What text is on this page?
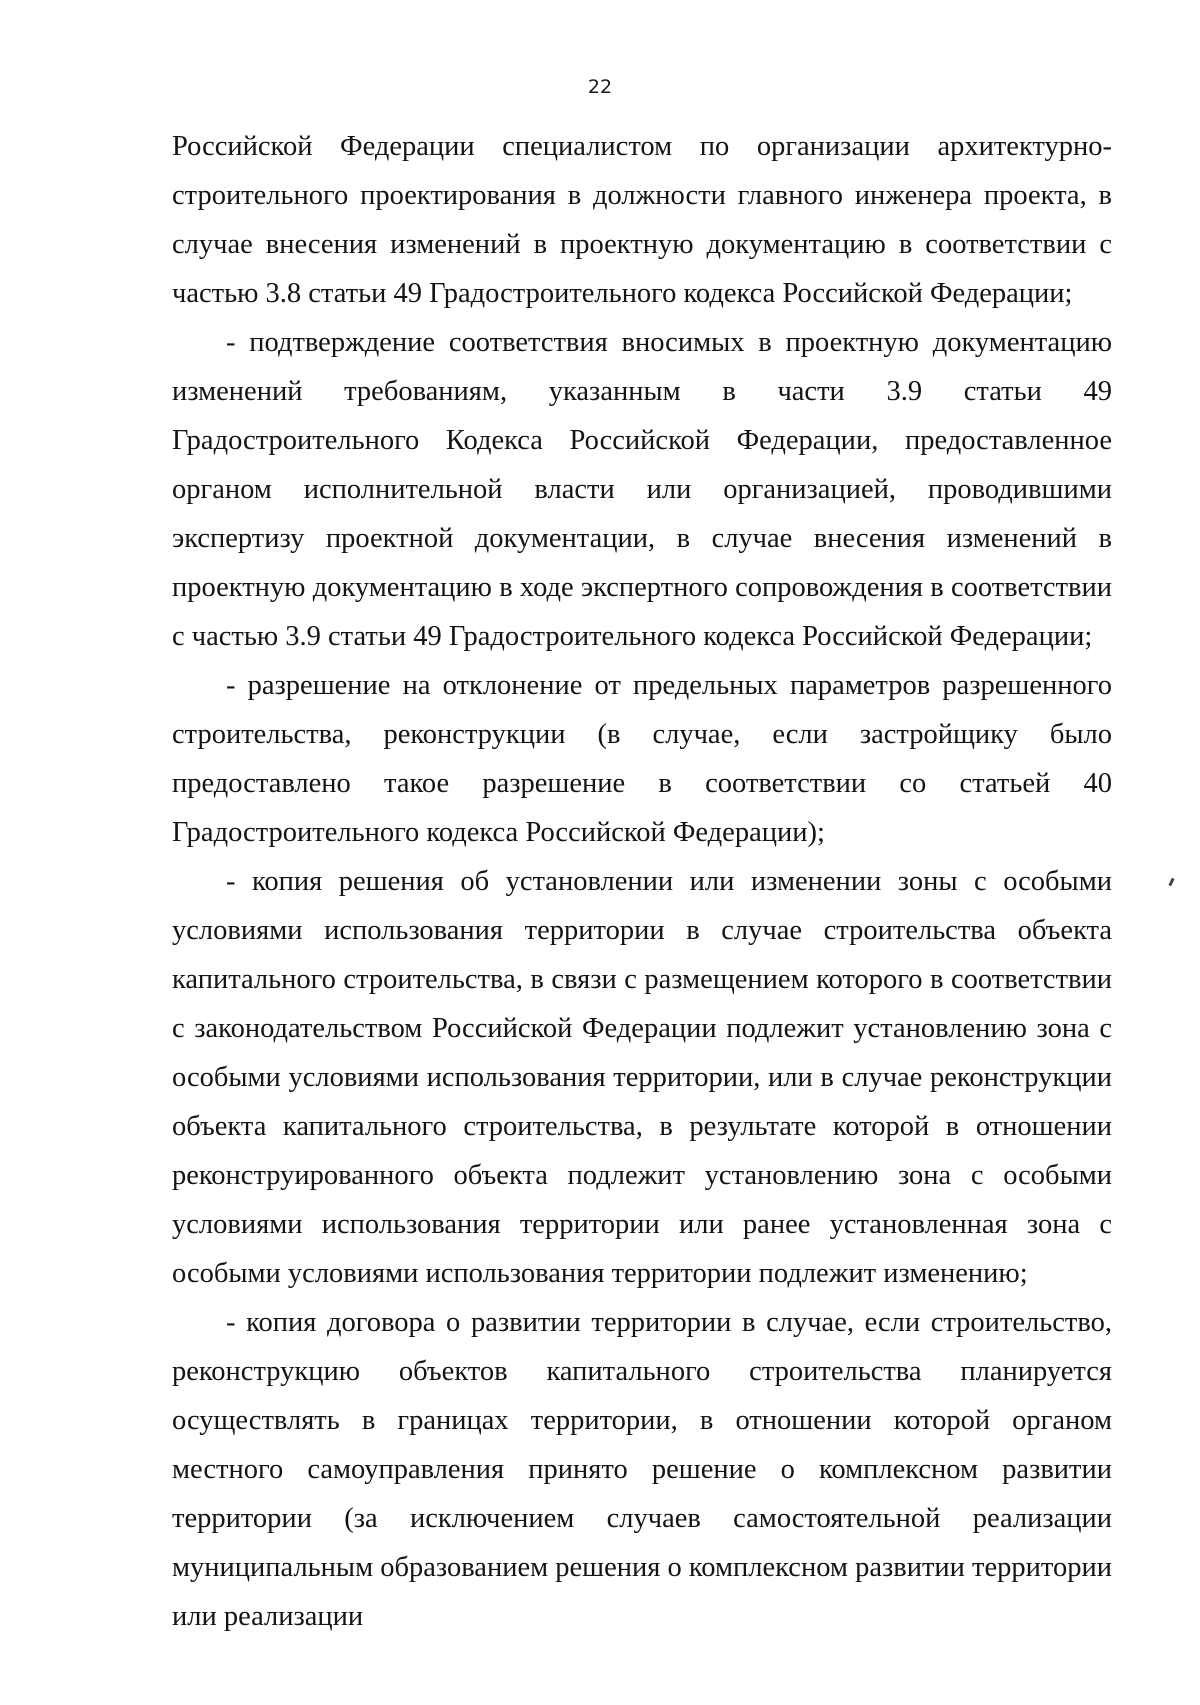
22

Российской Федерации специалистом по организации архитектурно-строительного проектирования в должности главного инженера проекта, в случае внесения изменений в проектную документацию в соответствии с частью 3.8 статьи 49 Градостроительного кодекса Российской Федерации;

- подтверждение соответствия вносимых в проектную документацию изменений требованиям, указанным в части 3.9 статьи 49 Градостроительного Кодекса Российской Федерации, предоставленное органом исполнительной власти или организацией, проводившими экспертизу проектной документации, в случае внесения изменений в проектную документацию в ходе экспертного сопровождения в соответствии с частью 3.9 статьи 49 Градостроительного кодекса Российской Федерации;

- разрешение на отклонение от предельных параметров разрешенного строительства, реконструкции (в случае, если застройщику было предоставлено такое разрешение в соответствии со статьей 40 Градостроительного кодекса Российской Федерации);

- копия решения об установлении или изменении зоны с особыми условиями использования территории в случае строительства объекта капитального строительства, в связи с размещением которого в соответствии с законодательством Российской Федерации подлежит установлению зона с особыми условиями использования территории, или в случае реконструкции объекта капитального строительства, в результате которой в отношении реконструированного объекта подлежит установлению зона с особыми условиями использования территории или ранее установленная зона с особыми условиями использования территории подлежит изменению;

- копия договора о развитии территории в случае, если строительство, реконструкцию объектов капитального строительства планируется осуществлять в границах территории, в отношении которой органом местного самоуправления принято решение о комплексном развитии территории (за исключением случаев самостоятельной реализации муниципальным образованием решения о комплексном развитии территории или реализации
